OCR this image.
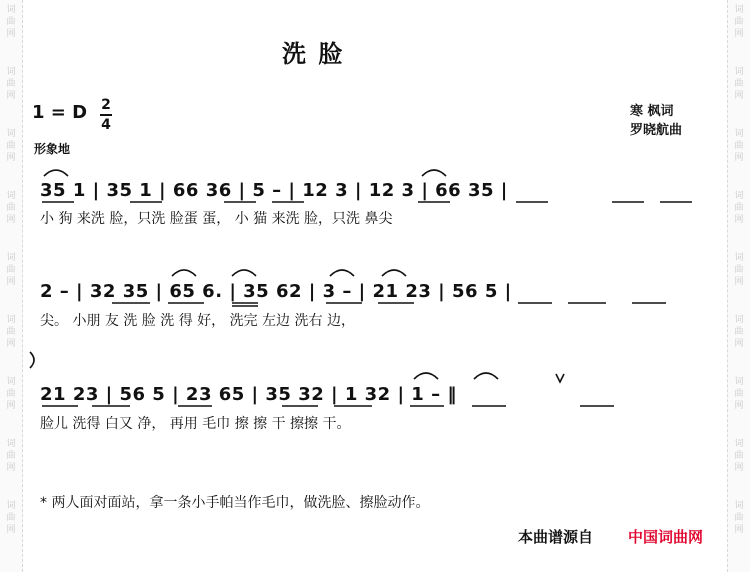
词
曲
网
词
曲
网
词
曲
网
词
曲
网
词
曲
网
词
曲
网
词
曲
网
词
曲
网
词
曲
网
词
曲
网
词
曲
网
词
曲
网
词
曲
网
词
曲
网
词
曲
网
词
曲
网
词
曲
网
词
曲
网
洗 脸
1 = D 2
4
形象地
寒 枫词
罗晓航曲
35 1 | 35 1 | 66 36 | 5 – | 12 3 | 12 3 | 66 35 |
小 狗 来洗 脸，只洗 脸蛋 蛋， 小 猫 来洗 脸，只洗 鼻尖
2 – | 32 35 | 65 6. | 35 62 | 3 – | 21 23 | 56 5 |
尖。 小朋 友 洗 脸 洗 得 好， 洗完 左边 洗右 边，
21 23 | 56 5 | 23 65 | 35 32 | 1 32 | 1 – ‖
脸儿 洗得 白又 净， 再用 毛巾 擦 擦 干 擦擦 干。
* 两人面对面站，拿一条小手帕当作毛巾，做洗脸、擦脸动作。
本曲谱源自 中国词曲网
